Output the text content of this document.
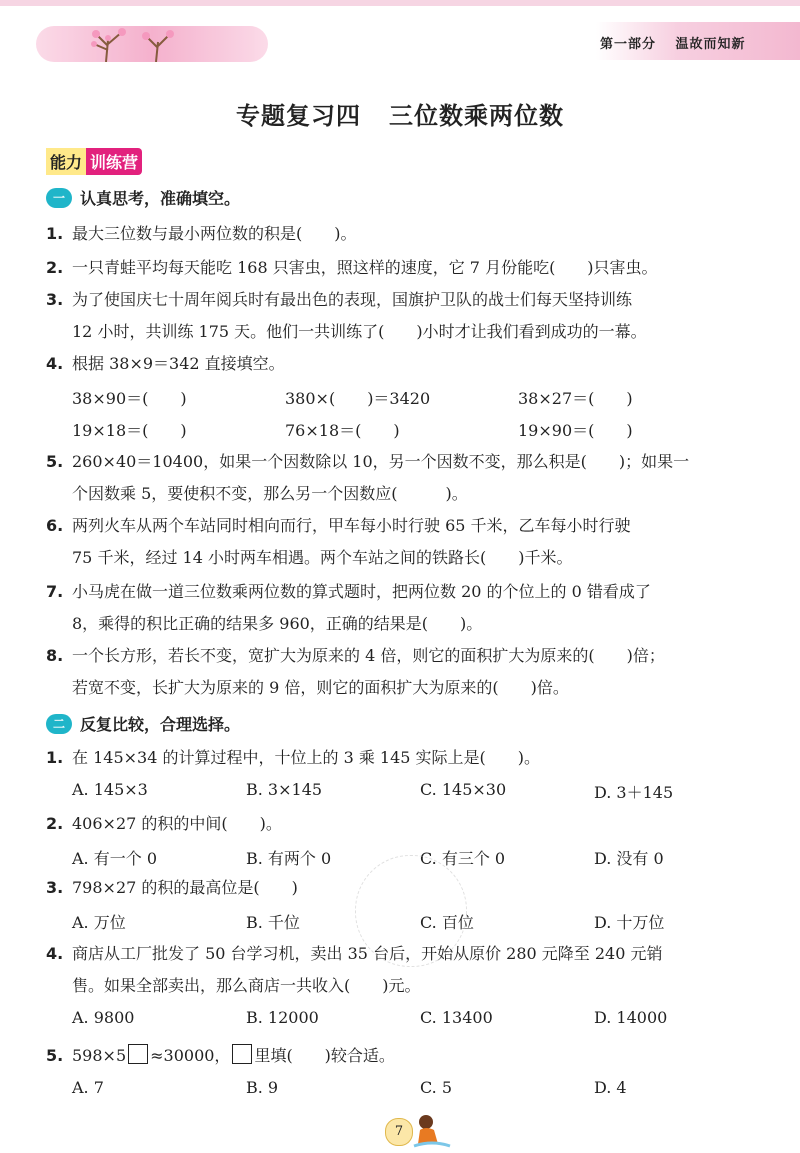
第一部分 温故而知新
专题复习四 三位数乘两位数
能力 训练营
一 认真思考，准确填空。
1. 最大三位数与最小两位数的积是(　　)。
2. 一只青蛙平均每天能吃 168 只害虫，照这样的速度，它 7 月份能吃(　　)只害虫。
3. 为了使国庆七十周年阅兵时有最出色的表现，国旗护卫队的战士们每天坚持训练
12 小时，共训练 175 天。他们一共训练了(　　)小时才让我们看到成功的一幕。
4. 根据 38×9＝342 直接填空。
38×90＝(　　)	380×(　　)＝3420	38×27＝(　　)
19×18＝(　　)	76×18＝(　　)	19×90＝(　　)
5. 260×40＝10400，如果一个因数除以 10，另一个因数不变，那么积是(　　)；如果一
个因数乘 5，要使积不变，那么另一个因数应(　　　)。
6. 两列火车从两个车站同时相向而行，甲车每小时行驶 65 千米，乙车每小时行驶
75 千米，经过 14 小时两车相遇。两个车站之间的铁路长(　　)千米。
7. 小马虎在做一道三位数乘两位数的算式题时，把两位数 20 的个位上的 0 错看成了
8，乘得的积比正确的结果多 960，正确的结果是(　　)。
8. 一个长方形，若长不变，宽扩大为原来的 4 倍，则它的面积扩大为原来的(　　)倍；
若宽不变，长扩大为原来的 9 倍，则它的面积扩大为原来的(　　)倍。
二 反复比较，合理选择。
1. 在 145×34 的计算过程中，十位上的 3 乘 145 实际上是(　　)。
A. 145×3	B. 3×145	C. 145×30	D. 3＋145
2. 406×27 的积的中间(　　)。
A. 有一个 0	B. 有两个 0	C. 有三个 0	D. 没有 0
3. 798×27 的积的最高位是(　　)
A. 万位	B. 千位	C. 百位	D. 十万位
4. 商店从工厂批发了 50 台学习机，卖出 35 台后，开始从原价 280 元降至 240 元销
售。如果全部卖出，那么商店一共收入(　　)元。
A. 9800	B. 12000	C. 13400	D. 14000
5. 598×5 ≈30000， 里填(　　)较合适。
A. 7	B. 9	C. 5	D. 4
7
